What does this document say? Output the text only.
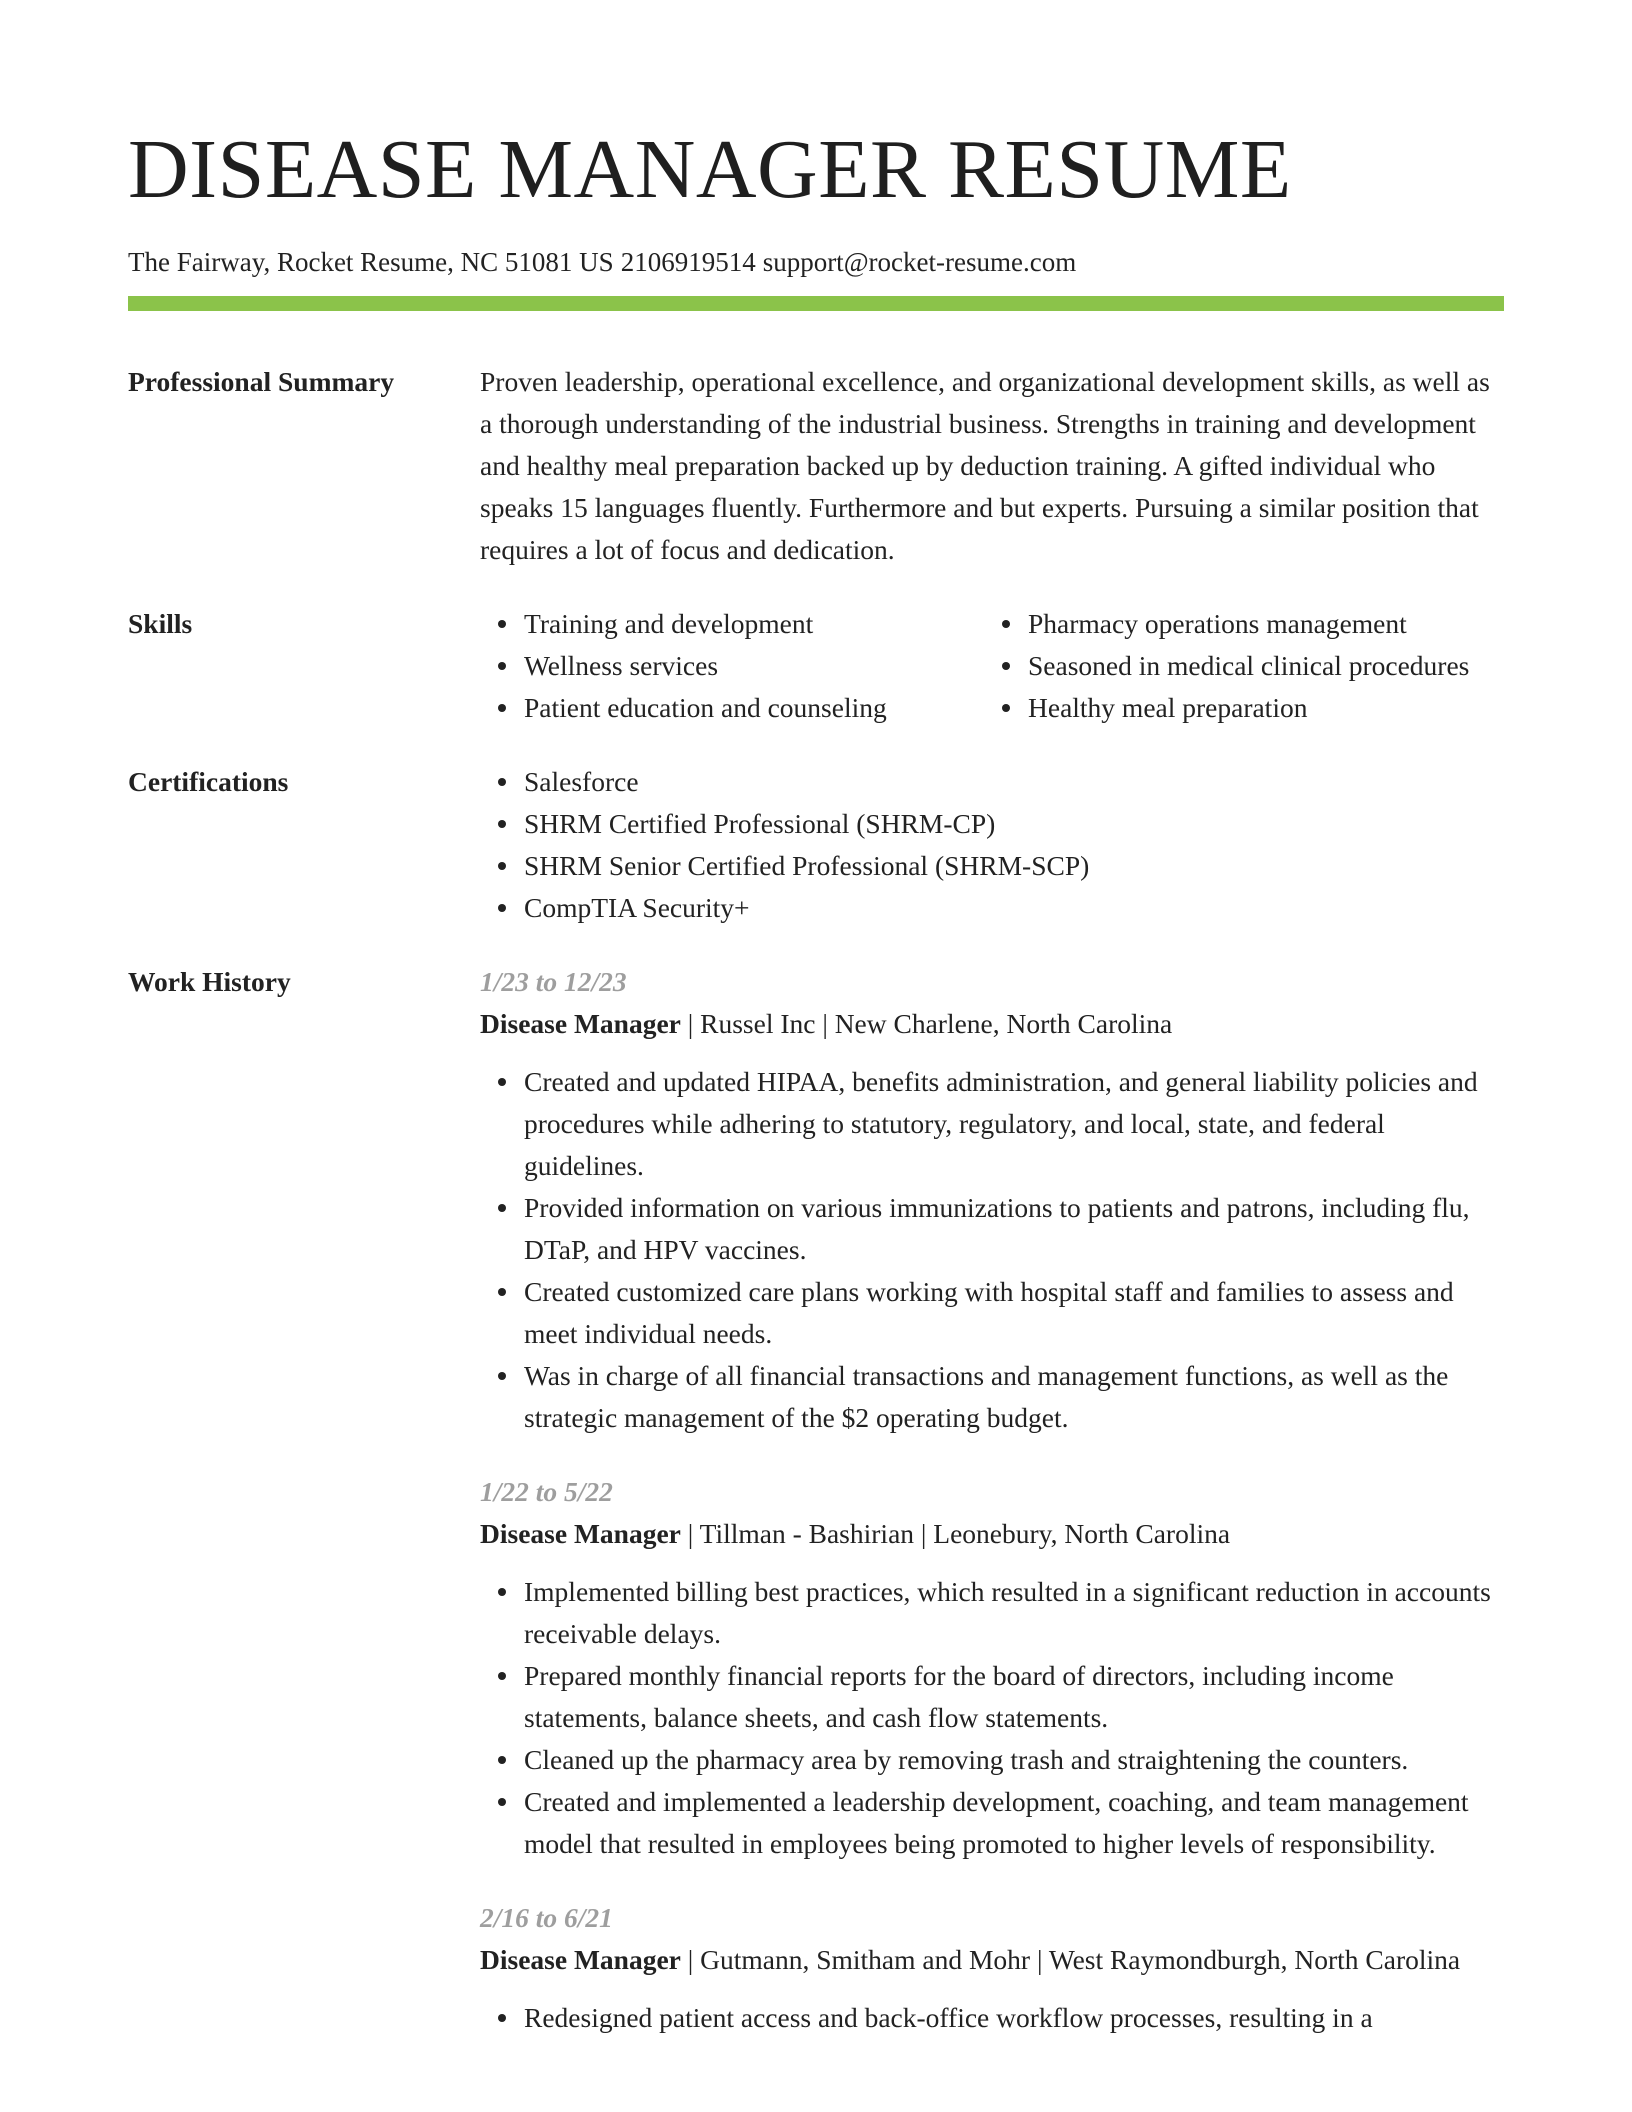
DISEASE MANAGER RESUME
The Fairway, Rocket Resume, NC 51081 US 2106919514 support@rocket-resume.com
Professional Summary	Proven leadership, operational excellence, and organizational development skills, as well as a thorough understanding of the industrial business. Strengths in training and development and healthy meal preparation backed up by deduction training. A gifted individual who speaks 15 languages fluently. Furthermore and but experts. Pursuing a similar position that requires a lot of focus and dedication.
Skills	Training and development
Wellness services
Patient education and counseling
Pharmacy operations management
Seasoned in medical clinical procedures
Healthy meal preparation
Certifications	Salesforce
SHRM Certified Professional (SHRM-CP)
SHRM Senior Certified Professional (SHRM-SCP)
CompTIA Security+
Work History	1/23 to 12/23
Disease Manager | Russel Inc | New Charlene, North Carolina
Created and updated HIPAA, benefits administration, and general liability policies and procedures while adhering to statutory, regulatory, and local, state, and federal guidelines.
Provided information on various immunizations to patients and patrons, including flu, DTaP, and HPV vaccines.
Created customized care plans working with hospital staff and families to assess and meet individual needs.
Was in charge of all financial transactions and management functions, as well as the strategic management of the $2 operating budget.
1/22 to 5/22
Disease Manager | Tillman - Bashirian | Leonebury, North Carolina
Implemented billing best practices, which resulted in a significant reduction in accounts receivable delays.
Prepared monthly financial reports for the board of directors, including income statements, balance sheets, and cash flow statements.
Cleaned up the pharmacy area by removing trash and straightening the counters.
Created and implemented a leadership development, coaching, and team management model that resulted in employees being promoted to higher levels of responsibility.
2/16 to 6/21
Disease Manager | Gutmann, Smitham and Mohr | West Raymondburgh, North Carolina
Redesigned patient access and back-office workflow processes, resulting in a
